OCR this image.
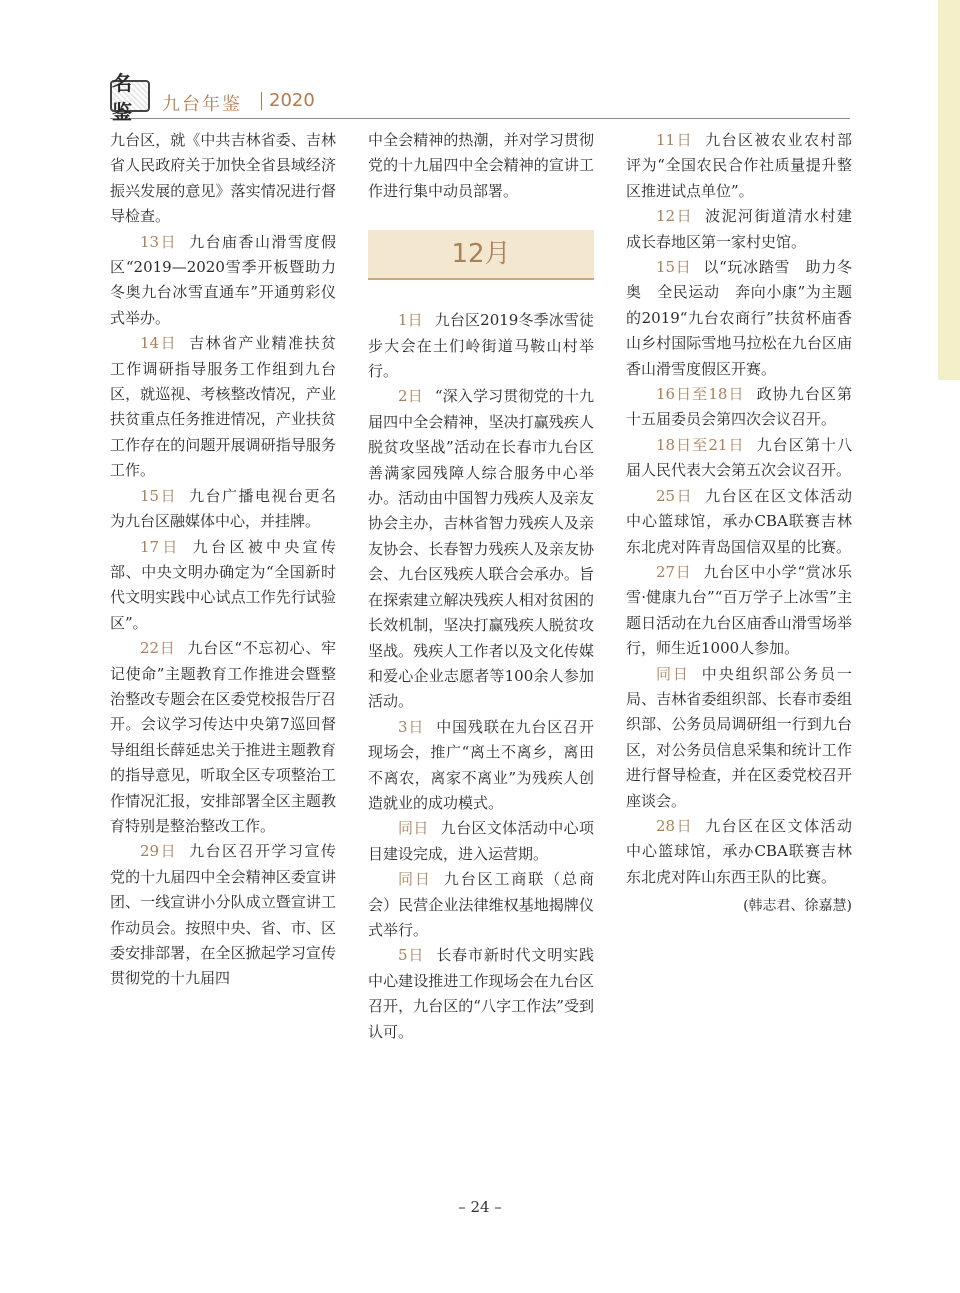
名鉴	九台年鉴 2020

九台区，就《中共吉林省委、吉林省人民政府关于加快全省县域经济振兴发展的意见》落实情况进行督导检查。

13日 九台庙香山滑雪度假区“2019—2020雪季开板暨助力冬奥九台冰雪直通车”开通剪彩仪式举办。

14日 吉林省产业精准扶贫工作调研指导服务工作组到九台区，就巡视、考核整改情况，产业扶贫重点任务推进情况，产业扶贫工作存在的问题开展调研指导服务工作。

15日 九台广播电视台更名为九台区融媒体中心，并挂牌。

17日 九台区被中央宣传部、中央文明办确定为“全国新时代文明实践中心试点工作先行试验区”。

22日 九台区“不忘初心、牢记使命”主题教育工作推进会暨整治整改专题会在区委党校报告厅召开。会议学习传达中央第7巡回督导组组长薛延忠关于推进主题教育的指导意见，听取全区专项整治工作情况汇报，安排部署全区主题教育特别是整治整改工作。

29日 九台区召开学习宣传党的十九届四中全会精神区委宣讲团、一线宣讲小分队成立暨宣讲工作动员会。按照中央、省、市、区委安排部署，在全区掀起学习宣传贯彻党的十九届四

中全会精神的热潮，并对学习贯彻党的十九届四中全会精神的宣讲工作进行集中动员部署。

12月

1日 九台区2019冬季冰雪徒步大会在土们岭街道马鞍山村举行。

2日 “深入学习贯彻党的十九届四中全会精神，坚决打赢残疾人脱贫攻坚战”活动在长春市九台区善满家园残障人综合服务中心举办。活动由中国智力残疾人及亲友协会主办，吉林省智力残疾人及亲友协会、长春智力残疾人及亲友协会、九台区残疾人联合会承办。旨在探索建立解决残疾人相对贫困的长效机制，坚决打赢残疾人脱贫攻坚战。残疾人工作者以及文化传媒和爱心企业志愿者等100余人参加活动。

3日 中国残联在九台区召开现场会，推广“离土不离乡，离田不离农，离家不离业”为残疾人创造就业的成功模式。

同日 九台区文体活动中心项目建设完成，进入运营期。

同日 九台区工商联（总商会）民营企业法律维权基地揭牌仪式举行。

5日 长春市新时代文明实践中心建设推进工作现场会在九台区召开，九台区的“八字工作法”受到认可。

11日 九台区被农业农村部评为“全国农民合作社质量提升整区推进试点单位”。

12日 波泥河街道清水村建成长春地区第一家村史馆。

15日 以“玩冰踏雪　助力冬奥　全民运动　奔向小康”为主题的2019“九台农商行”扶贫杯庙香山乡村国际雪地马拉松在九台区庙香山滑雪度假区开赛。

16日至18日 政协九台区第十五届委员会第四次会议召开。

18日至21日 九台区第十八届人民代表大会第五次会议召开。

25日 九台区在区文体活动中心篮球馆，承办CBA联赛吉林东北虎对阵青岛国信双星的比赛。

27日 九台区中小学“赏冰乐雪·健康九台”“百万学子上冰雪”主题日活动在九台区庙香山滑雪场举行，师生近1000人参加。

同日 中央组织部公务员一局、吉林省委组织部、长春市委组织部、公务员局调研组一行到九台区，对公务员信息采集和统计工作进行督导检查，并在区委党校召开座谈会。

28日 九台区在区文体活动中心篮球馆，承办CBA联赛吉林东北虎对阵山东西王队的比赛。

(韩志君、徐嘉慧)
– 24 –
